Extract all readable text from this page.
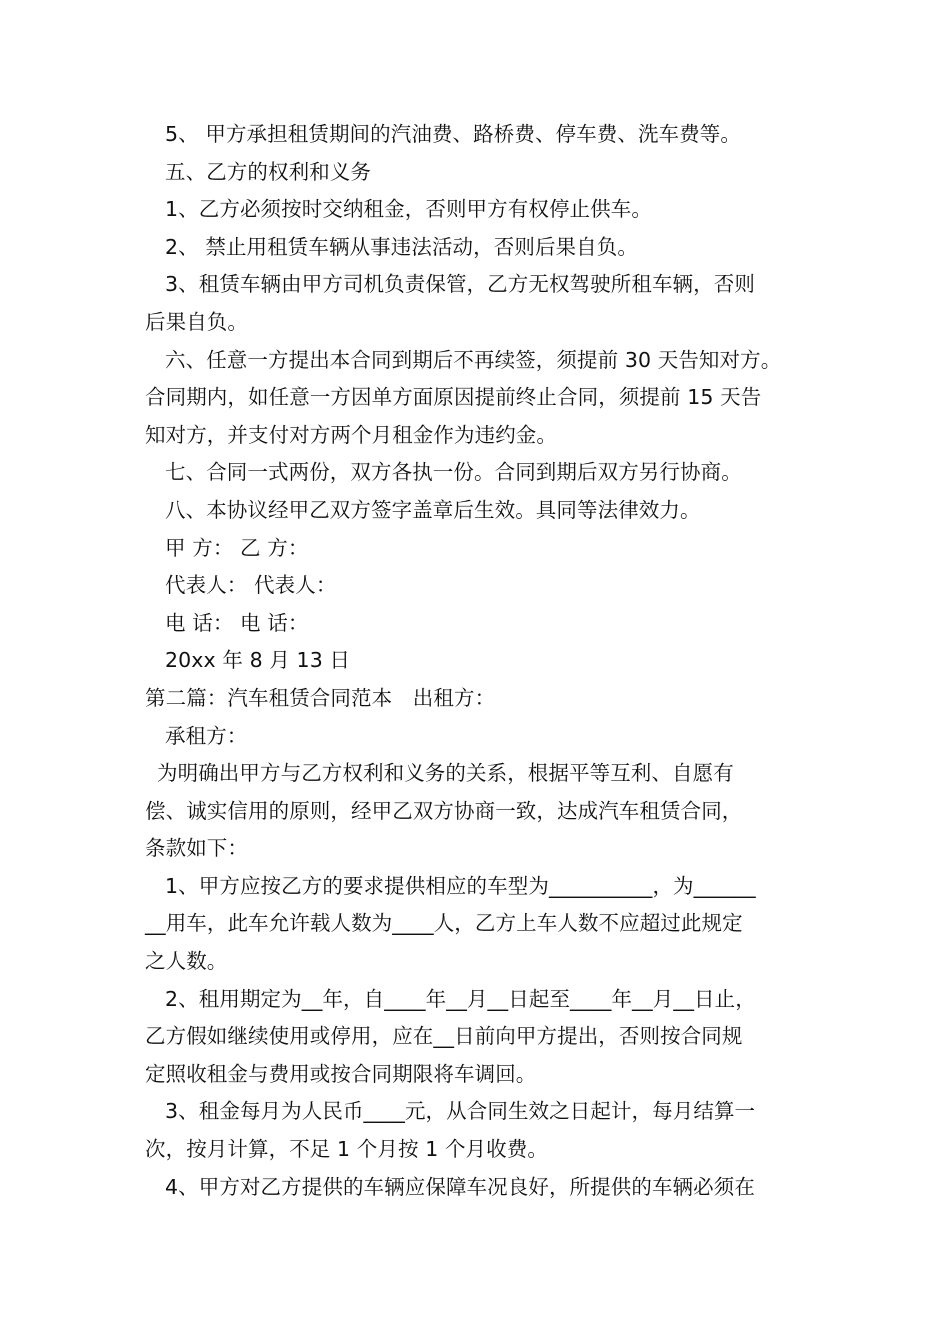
5、 甲方承担租赁期间的汽油费、路桥费、停车费、洗车费等。
五、乙方的权利和义务
1、乙方必须按时交纳租金，否则甲方有权停止供车。
2、 禁止用租赁车辆从事违法活动，否则后果自负。
3、租赁车辆由甲方司机负责保管，乙方无权驾驶所租车辆，否则
后果自负。
六、任意一方提出本合同到期后不再续签，须提前 30 天告知对方。
合同期内，如任意一方因单方面原因提前终止合同，须提前 15 天告
知对方，并支付对方两个月租金作为违约金。
七、合同一式两份，双方各执一份。合同到期后双方另行协商。
八、本协议经甲乙双方签字盖章后生效。具同等法律效力。
甲 方： 乙 方：
代表人： 代表人：
电 话： 电 话：
20xx 年 8 月 13 日
第二篇：汽车租赁合同范本　出租方：
承租方：
为明确出甲方与乙方权利和义务的关系，根据平等互利、自愿有
偿、诚实信用的原则，经甲乙双方协商一致，达成汽车租赁合同，
条款如下：
1、甲方应按乙方的要求提供相应的车型为__________，为______
__用车，此车允许载人数为____人，乙方上车人数不应超过此规定
之人数。
2、租用期定为__年，自____年__月__日起至____年__月__日止，
乙方假如继续使用或停用，应在__日前向甲方提出，否则按合同规
定照收租金与费用或按合同期限将车调回。
3、租金每月为人民币____元，从合同生效之日起计，每月结算一
次，按月计算，不足 1 个月按 1 个月收费。
4、甲方对乙方提供的车辆应保障车况良好，所提供的车辆必须在
